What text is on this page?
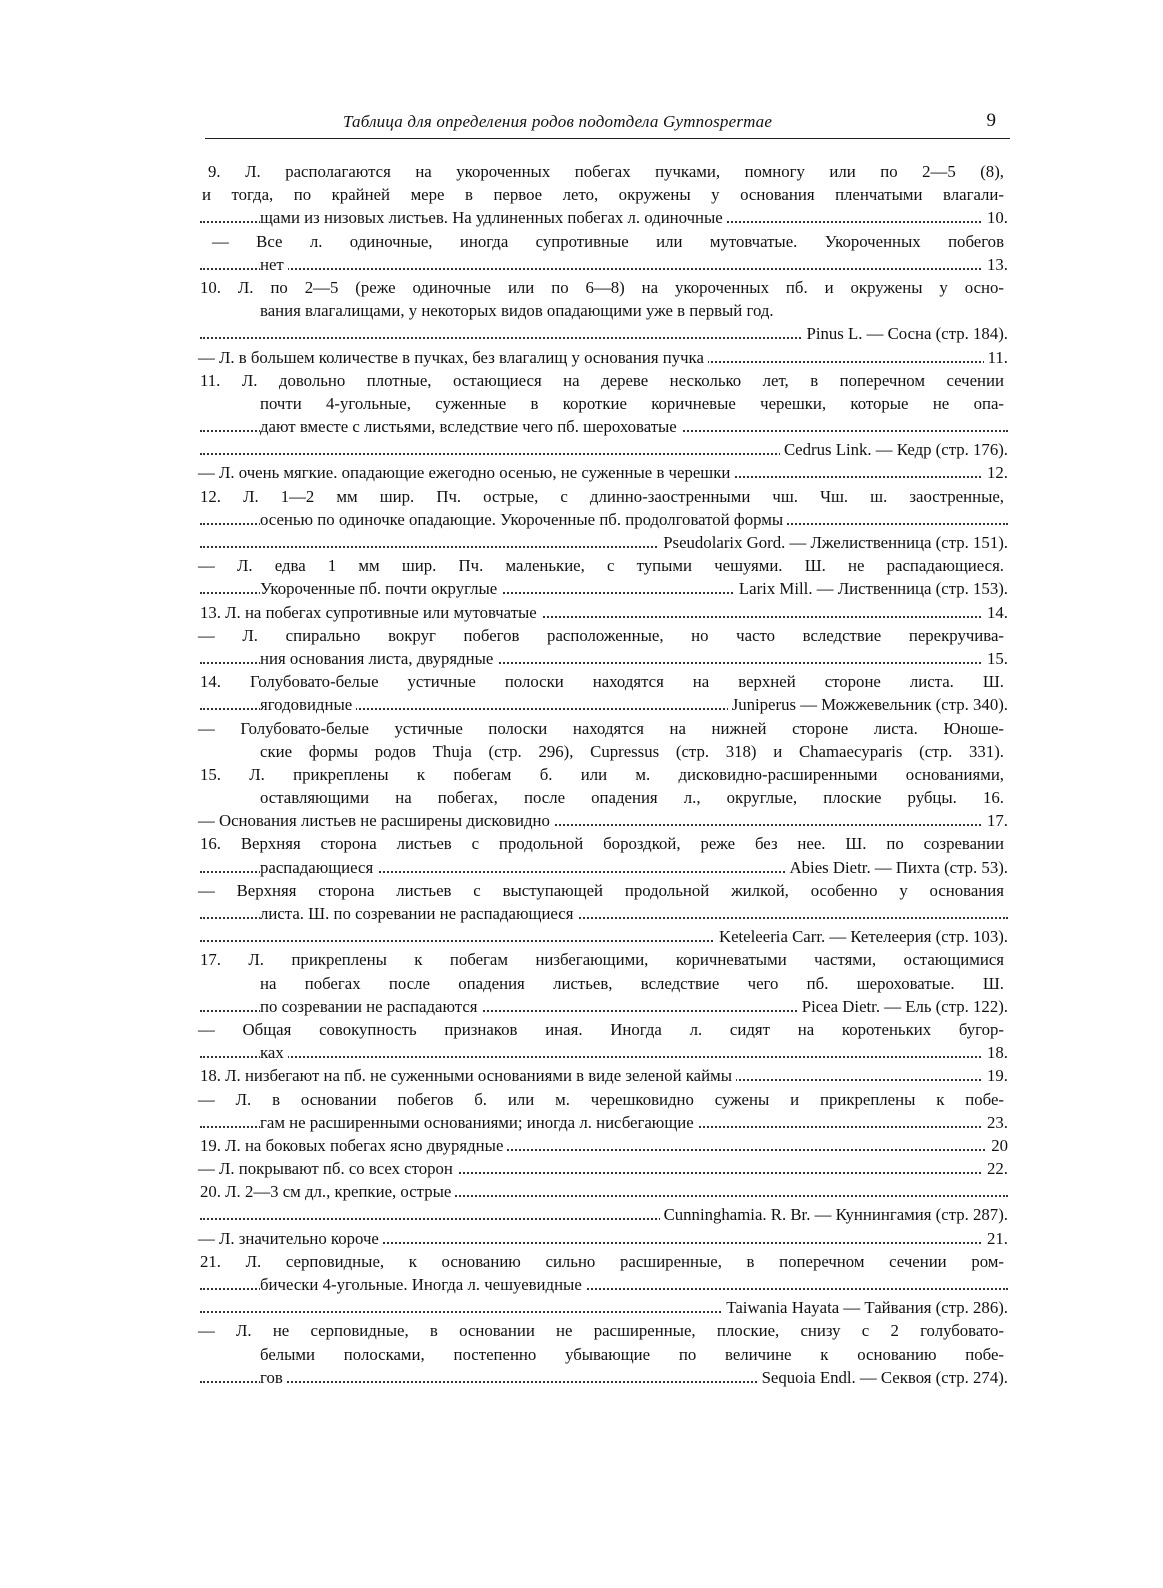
Таблица для определения родов подотдела Gymnospermae	9
9. Л. располагаются на укороченных побегах пучками, помногу или по 2—5 (8),
и тогда, по крайней мере в первое лето, окружены у основания пленчатыми влагали-
щами из низовых листьев. На удлиненных побегах л. одиночные	10.
— Все л. одиночные, иногда супротивные или мутовчатые. Укороченных побегов
нет	13.
10. Л. по 2—5 (реже одиночные или по 6—8) на укороченных пб. и окружены у осно-
вания влагалищами, у некоторых видов опадающими уже в первый год.
Pinus L. — Сосна (стр. 184).
— Л. в большем количестве в пучках, без влагалищ у основания пучка	11.
11. Л. довольно плотные, остающиеся на дереве несколько лет, в поперечном сечении
почти 4-угольные, суженные в короткие коричневые черешки, которые не опа-
дают вместе с листьями, вследствие чего пб. шероховатые
Cedrus Link. — Кедр (стр. 176).
— Л. очень мягкие. опадающие ежегодно осенью, не суженные в черешки	12.
12. Л. 1—2 мм шир. Пч. острые, с длинно-заостренными чш. Чш. ш. заостренные,
осенью по одиночке опадающие. Укороченные пб. продолговатой формы
Pseudolarix Gord. — Лжелиственница (стр. 151).
— Л. едва 1 мм шир. Пч. маленькие, с тупыми чешуями. Ш. не распадающиеся.
Укороченные пб. почти округлые	Larix Mill. — Лиственница (стр. 153).
13. Л. на побегах супротивные или мутовчатые	14.
— Л. спирально вокруг побегов расположенные, но часто вследствие перекручива-
ния основания листа, двурядные	15.
14. Голубовато-белые устичные полоски находятся на верхней стороне листа. Ш.
ягодовидные	Juniperus — Можжевельник (стр. 340).
— Голубовато-белые устичные полоски находятся на нижней стороне листа. Юноше-
ские формы родов Thuja (стр. 296), Cupressus (стр. 318) и Chamaecyparis (стр. 331).
15. Л. прикреплены к побегам б. или м. дисковидно-расширенными основаниями,
оставляющими на побегах, после опадения л., округлые, плоские рубцы. 16.
— Основания листьев не расширены дисковидно	17.
16. Верхняя сторона листьев с продольной бороздкой, реже без нее. Ш. по созревании
распадающиеся	Abies Dietr. — Пихта (стр. 53).
— Верхняя сторона листьев с выступающей продольной жилкой, особенно у основания
листа. Ш. по созревании не распадающиеся
Keteleeria Carr. — Кетелеерия (стр. 103).
17. Л. прикреплены к побегам низбегающими, коричневатыми частями, остающимися
на побегах после опадения листьев, вследствие чего пб. шероховатые. Ш.
по созревании не распадаются	Picea Dietr. — Ель (стр. 122).
— Общая совокупность признаков иная. Иногда л. сидят на коротеньких бугор-
ках	18.
18. Л. низбегают на пб. не суженными основаниями в виде зеленой каймы	19.
— Л. в основании побегов б. или м. черешковидно сужены и прикреплены к побе-
гам не расширенными основаниями; иногда л. нисбегающие	23.
19. Л. на боковых побегах ясно двурядные	20
— Л. покрывают пб. со всех сторон	22.
20. Л. 2—3 см дл., крепкие, острые
Cunninghamia. R. Br. — Куннингамия (стр. 287).
— Л. значительно короче	21.
21. Л. серповидные, к основанию сильно расширенные, в поперечном сечении ром-
бически 4-угольные. Иногда л. чешуевидные
Taiwania Hayata — Тайвания (стр. 286).
— Л. не серповидные, в основании не расширенные, плоские, снизу с 2 голубовато-
белыми полосками, постепенно убывающие по величине к основанию побе-
гов	Sequoia Endl. — Секвоя (стр. 274).
